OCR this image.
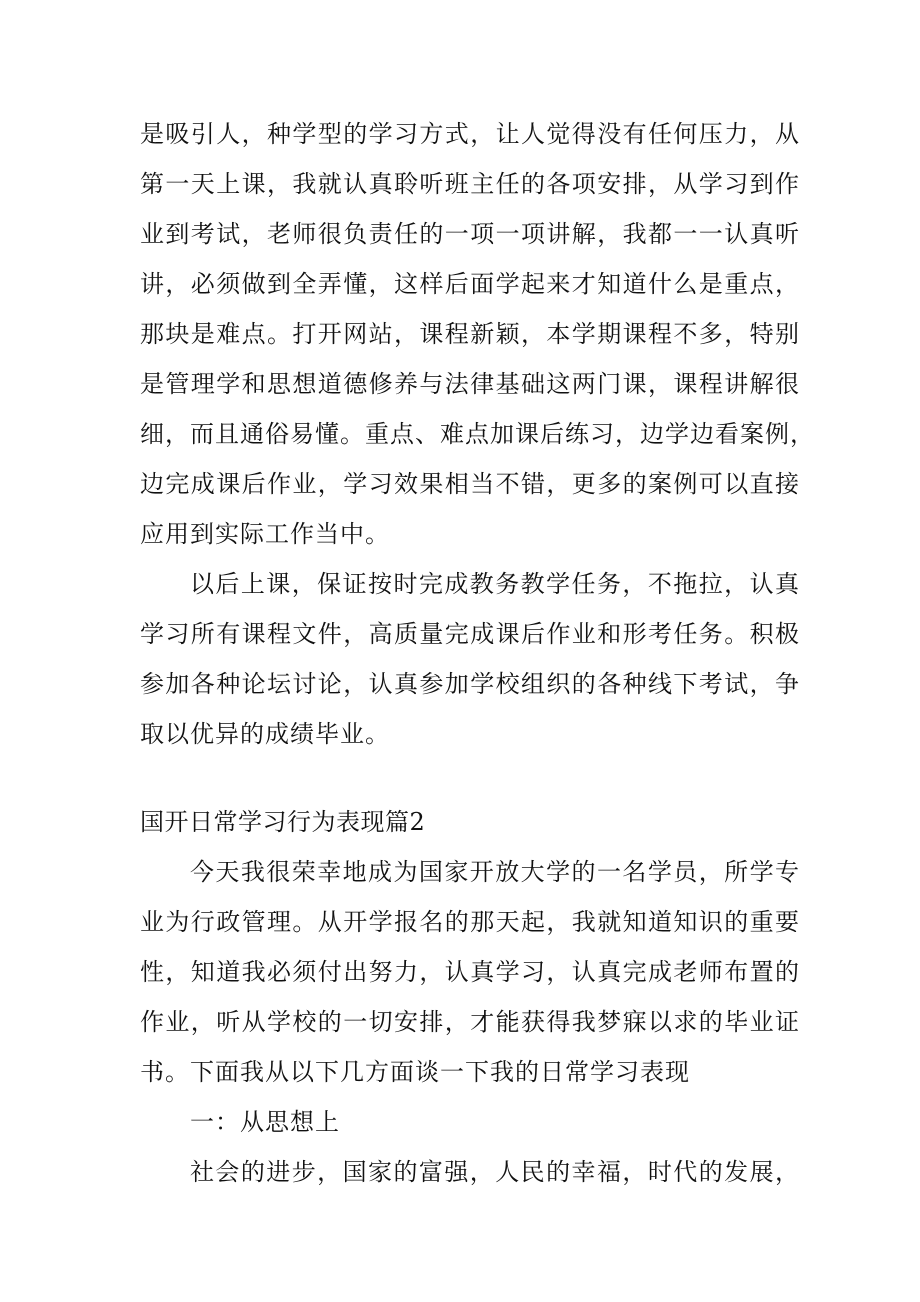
是吸引人，种学型的学习方式，让人觉得没有任何压力，从
第一天上课，我就认真聆听班主任的各项安排，从学习到作
业到考试，老师很负责任的一项一项讲解，我都一一认真听
讲，必须做到全弄懂，这样后面学起来才知道什么是重点，
那块是难点。打开网站，课程新颖，本学期课程不多，特别
是管理学和思想道德修养与法律基础这两门课，课程讲解很
细，而且通俗易懂。重点、难点加课后练习，边学边看案例，
边完成课后作业，学习效果相当不错，更多的案例可以直接
应用到实际工作当中。
以后上课，保证按时完成教务教学任务，不拖拉，认真
学习所有课程文件，高质量完成课后作业和形考任务。积极
参加各种论坛讨论，认真参加学校组织的各种线下考试，争
取以优异的成绩毕业。
国开日常学习行为表现篇2
今天我很荣幸地成为国家开放大学的一名学员，所学专
业为行政管理。从开学报名的那天起，我就知道知识的重要
性，知道我必须付出努力，认真学习，认真完成老师布置的
作业，听从学校的一切安排，才能获得我梦寐以求的毕业证
书。下面我从以下几方面谈一下我的日常学习表现
一：从思想上
社会的进步，国家的富强，人民的幸福，时代的发展，
